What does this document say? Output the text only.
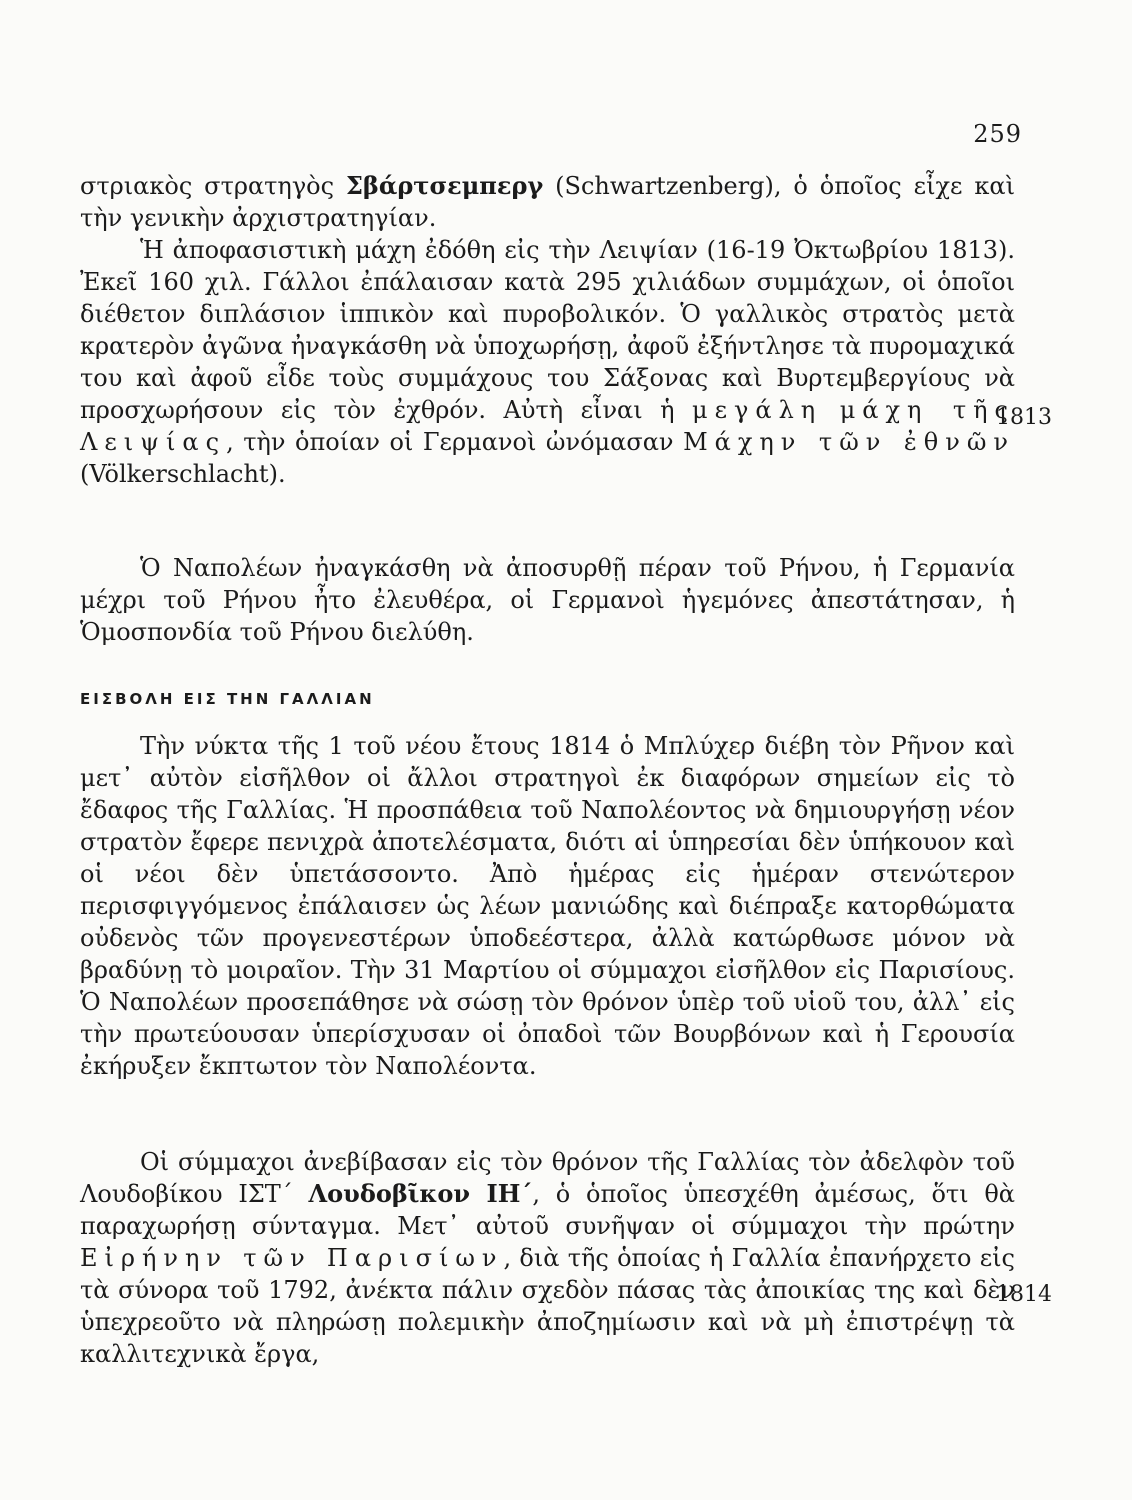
259

στριακὸς στρατηγὸς Σβάρτσεμπεργ (Schwartzenberg), ὁ ὁποῖος εἶχε καὶ τὴν γενικὴν ἀρχιστρατηγίαν.

Ἡ ἀποφασιστικὴ μάχη ἐδόθη εἰς τὴν Λειψίαν (16-19 Ὀκτωβρίου 1813). Ἐκεῖ 160 χιλ. Γάλλοι ἐπάλαισαν κατὰ 295 χιλιάδων συμμάχων, οἱ ὁποῖοι διέθετον διπλάσιον ἱππικὸν καὶ πυροβολικόν. Ὁ γαλλικὸς στρατὸς μετὰ κρατερὸν ἀγῶνα ἠναγκάσθη νὰ ὑποχωρήσῃ, ἀφοῦ ἐξήντλησε τὰ πυρομαχικά του καὶ ἀφοῦ εἶδε τοὺς συμμάχους του Σάξονας καὶ Βυρτεμβεργίους νὰ προσχωρήσουν εἰς τὸν ἐχθρόν. Αὐτὴ εἶναι ἡ μεγάλη μάχη τῆς Λειψίας, τὴν ὁποίαν οἱ Γερμανοὶ ὠνόμασαν Μάχην τῶν ἐθνῶν (Völkerschlacht).

Ὁ Ναπολέων ἠναγκάσθη νὰ ἀποσυρθῇ πέραν τοῦ Ρήνου, ἡ Γερμανία μέχρι τοῦ Ρήνου ἦτο ἐλευθέρα, οἱ Γερμανοὶ ἡγεμόνες ἀπεστάτησαν, ἡ Ὁμοσπονδία τοῦ Ρήνου διελύθη.
ΕΙΣΒΟΛΗ ΕΙΣ ΤΗΝ ΓΑΛΛΙΑΝ
Τὴν νύκτα τῆς 1 τοῦ νέου ἔτους 1814 ὁ Μπλύχερ διέβη τὸν Ρῆνον καὶ μετ᾽ αὐτὸν εἰσῆλθον οἱ ἄλλοι στρατηγοὶ ἐκ διαφόρων σημείων εἰς τὸ ἔδαφος τῆς Γαλλίας. Ἡ προσπάθεια τοῦ Ναπολέοντος νὰ δημιουργήσῃ νέον στρατὸν ἔφερε πενιχρὰ ἀποτελέσματα, διότι αἱ ὑπηρεσίαι δὲν ὑπήκουον καὶ οἱ νέοι δὲν ὑπετάσσοντο. Ἀπὸ ἡμέρας εἰς ἡμέραν στενώτερον περισφιγγόμενος ἐπάλαισεν ὡς λέων μανιώδης καὶ διέπραξε κατορθώματα οὐδενὸς τῶν προγενεστέρων ὑποδεέστερα, ἀλλὰ κατώρθωσε μόνον νὰ βραδύνῃ τὸ μοιραῖον. Τὴν 31 Μαρτίου οἱ σύμμαχοι εἰσῆλθον εἰς Παρισίους. Ὁ Ναπολέων προσεπάθησε νὰ σώσῃ τὸν θρόνον ὑπὲρ τοῦ υἱοῦ του, ἀλλ᾽ εἰς τὴν πρωτεύουσαν ὑπερίσχυσαν οἱ ὀπαδοὶ τῶν Βουρβόνων καὶ ἡ Γερουσία ἐκήρυξεν ἔκπτωτον τὸν Ναπολέοντα.

Οἱ σύμμαχοι ἀνεβίβασαν εἰς τὸν θρόνον τῆς Γαλλίας τὸν ἀδελφὸν τοῦ Λουδοβίκου ΙΣΤ´ Λουδοβῖκον ΙΗ´, ὁ ὁποῖος ὑπεσχέθη ἀμέσως, ὅτι θὰ παραχωρήσῃ σύνταγμα. Μετ᾽ αὐτοῦ συνῆψαν οἱ σύμμαχοι τὴν πρώτην Εἰρήνην τῶν Παρισίων, διὰ τῆς ὁποίας ἡ Γαλλία ἐπανήρχετο εἰς τὰ σύνορα τοῦ 1792, ἀνέκτα πάλιν σχεδὸν πάσας τὰς ἀποικίας της καὶ δὲν ὑπεχρεοῦτο νὰ πληρώσῃ πολεμικὴν ἀποζημίωσιν καὶ νὰ μὴ ἐπιστρέψῃ τὰ καλλιτεχνικὰ ἔργα,

1813
1814
